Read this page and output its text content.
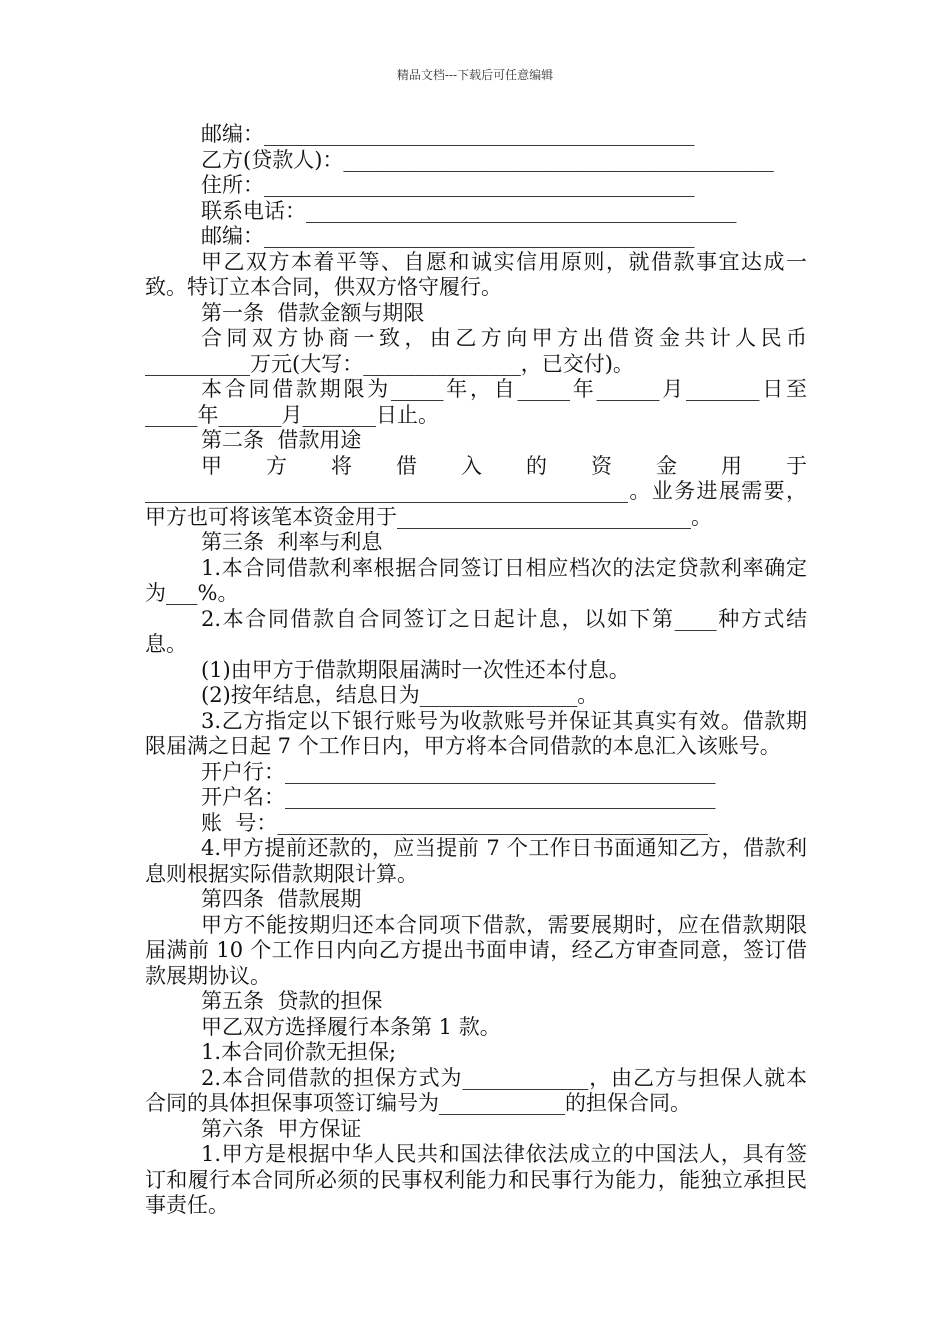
精品文档---下载后可任意编辑
邮编：_________________________________________
乙方(贷款人)：_________________________________________
住所：_________________________________________
联系电话：_________________________________________
邮编：_________________________________________
甲乙双方本着平等、自愿和诚实信用原则，就借款事宜达成一致。特订立本合同，供双方恪守履行。
第一条  借款金额与期限
合同双方协商一致，由乙方向甲方出借资金共计人民币__________万元(大写：_______________，已交付)。
本合同借款期限为_____年，自_____年______月_______日至_____年______月_______日止。
第二条  借款用途
甲方将借入的资金用于______________________________________________。业务进展需要，甲方也可将该笔本资金用于____________________________。
第三条  利率与利息
1.本合同借款利率根据合同签订日相应档次的法定贷款利率确定为___%。
2.本合同借款自合同签订之日起计息，以如下第____种方式结息。
(1)由甲方于借款期限届满时一次性还本付息。
(2)按年结息，结息日为_______________。
3.乙方指定以下银行账号为收款账号并保证其真实有效。借款期限届满之日起 7 个工作日内，甲方将本合同借款的本息汇入该账号。
开户行：_________________________________________
开户名：_________________________________________
账  号：_________________________________________
4.甲方提前还款的，应当提前 7 个工作日书面通知乙方，借款利息则根据实际借款期限计算。
第四条  借款展期
甲方不能按期归还本合同项下借款，需要展期时，应在借款期限届满前 10 个工作日内向乙方提出书面申请，经乙方审查同意，签订借款展期协议。
第五条  贷款的担保
甲乙双方选择履行本条第 1 款。
1.本合同价款无担保;
2.本合同借款的担保方式为____________，由乙方与担保人就本合同的具体担保事项签订编号为____________的担保合同。
第六条  甲方保证
1.甲方是根据中华人民共和国法律依法成立的中国法人，具有签订和履行本合同所必须的民事权利能力和民事行为能力，能独立承担民事责任。
